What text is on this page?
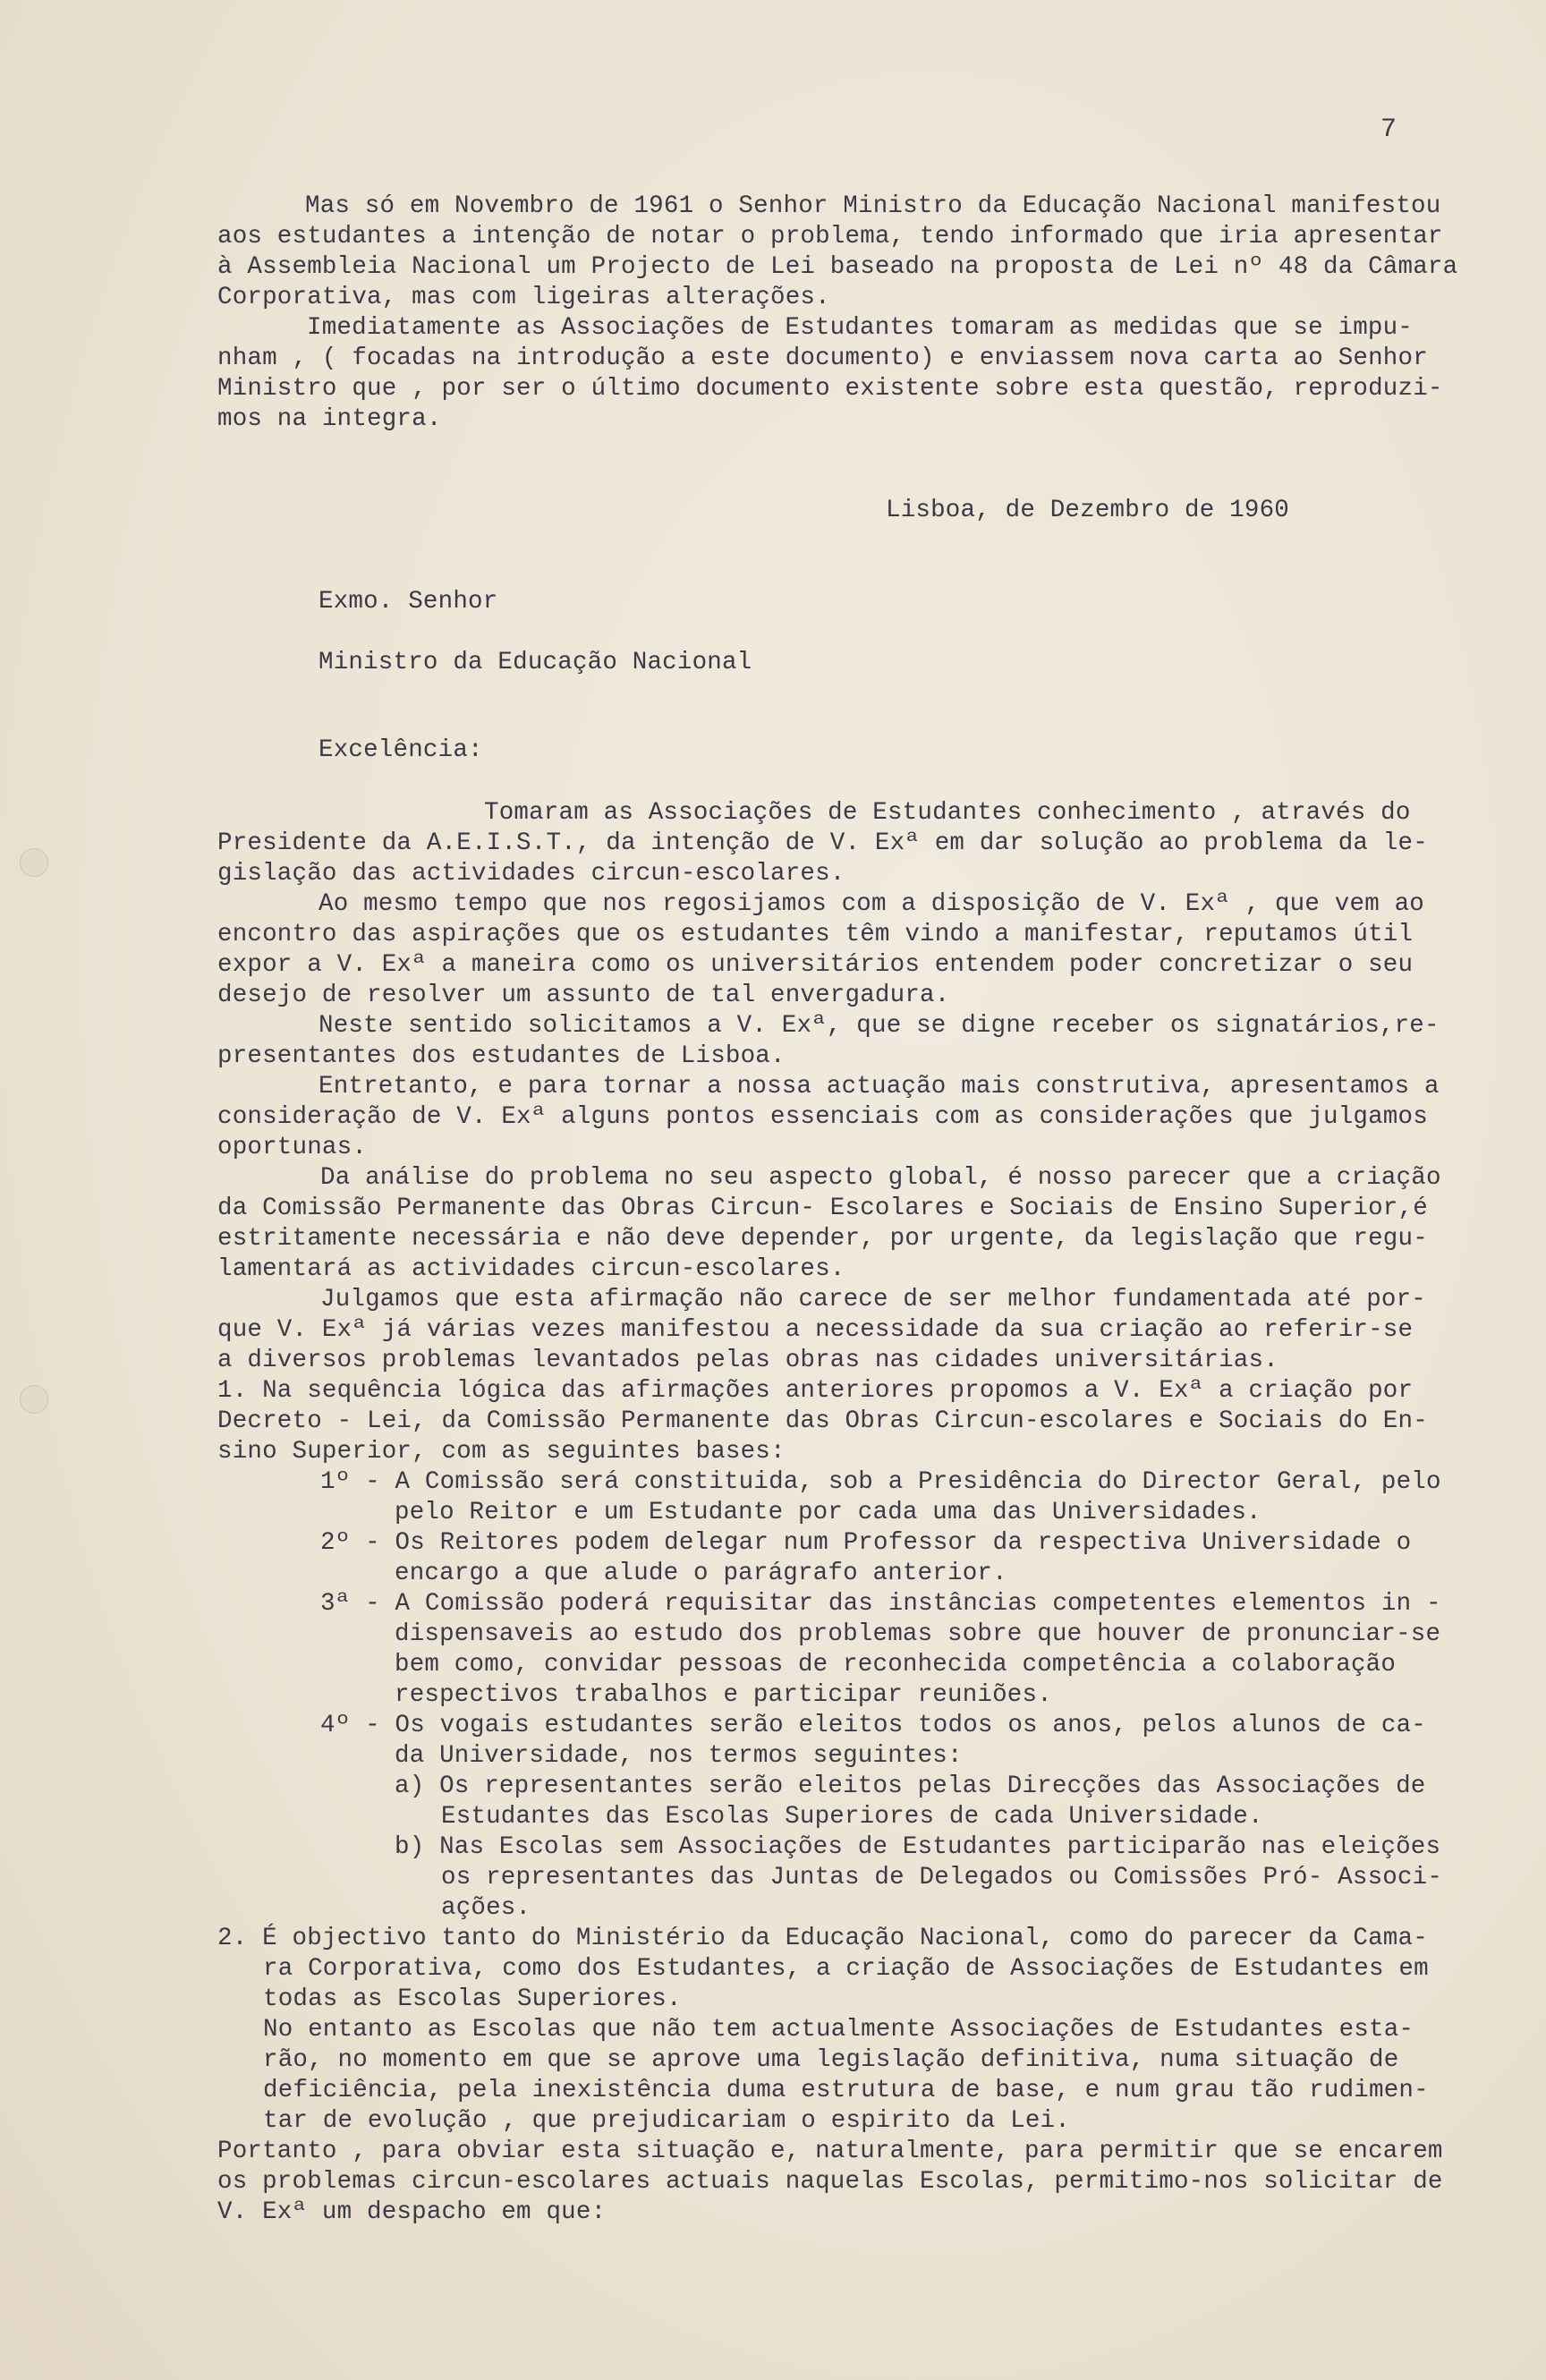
7
Mas só em Novembro de 1961 o Senhor Ministro da Educação Nacional manifestou
aos estudantes a intenção de notar o problema, tendo informado que iria apresentar
à Assembleia Nacional um Projecto de Lei baseado na proposta de Lei nº 48 da Câmara
Corporativa, mas com ligeiras alterações.
Imediatamente as Associações de Estudantes tomaram as medidas que se impu-
nham , ( focadas na introdução a este documento) e enviassem nova carta ao Senhor
Ministro que , por ser o último documento existente sobre esta questão, reproduzi-
mos na integra.
Lisboa, de Dezembro de 1960
Exmo. Senhor
Ministro da Educação Nacional
Excelência:
Tomaram as Associações de Estudantes conhecimento , através do
Presidente da A.E.I.S.T., da intenção de V. Exª em dar solução ao problema da le-
gislação das actividades circun-escolares.
Ao mesmo tempo que nos regosijamos com a disposição de V. Exª , que vem ao
encontro das aspirações que os estudantes têm vindo a manifestar, reputamos útil
expor a V. Exª a maneira como os universitários entendem poder concretizar o seu
desejo de resolver um assunto de tal envergadura.
Neste sentido solicitamos a V. Exª, que se digne receber os signatários,re-
presentantes dos estudantes de Lisboa.
Entretanto, e para tornar a nossa actuação mais construtiva, apresentamos a
consideração de V. Exª alguns pontos essenciais com as considerações que julgamos
oportunas.
Da análise do problema no seu aspecto global, é nosso parecer que a criação
da Comissão Permanente das Obras Circun- Escolares e Sociais de Ensino Superior,é
estritamente necessária e não deve depender, por urgente, da legislação que regu-
lamentará as actividades circun-escolares.
Julgamos que esta afirmação não carece de ser melhor fundamentada até por-
que V. Exª já várias vezes manifestou a necessidade da sua criação ao referir-se
a diversos problemas levantados pelas obras nas cidades universitárias.
1. Na sequência lógica das afirmações anteriores propomos a V. Exª a criação por
Decreto - Lei, da Comissão Permanente das Obras Circun-escolares e Sociais do En-
sino Superior, com as seguintes bases:
1º - A Comissão será constituida, sob a Presidência do Director Geral, pelo
pelo Reitor e um Estudante por cada uma das Universidades.
2º - Os Reitores podem delegar num Professor da respectiva Universidade o
encargo a que alude o parágrafo anterior.
3ª - A Comissão poderá requisitar das instâncias competentes elementos in -
dispensaveis ao estudo dos problemas sobre que houver de pronunciar-se
bem como, convidar pessoas de reconhecida competência a colaboração
respectivos trabalhos e participar reuniões.
4º - Os vogais estudantes serão eleitos todos os anos, pelos alunos de ca-
da Universidade, nos termos seguintes:
a) Os representantes serão eleitos pelas Direcções das Associações de
Estudantes das Escolas Superiores de cada Universidade.
b) Nas Escolas sem Associações de Estudantes participarão nas eleições
os representantes das Juntas de Delegados ou Comissões Pró- Associ-
ações.
2. É objectivo tanto do Ministério da Educação Nacional, como do parecer da Cama-
ra Corporativa, como dos Estudantes, a criação de Associações de Estudantes em
todas as Escolas Superiores.
No entanto as Escolas que não tem actualmente Associações de Estudantes esta-
rão, no momento em que se aprove uma legislação definitiva, numa situação de
deficiência, pela inexistência duma estrutura de base, e num grau tão rudimen-
tar de evolução , que prejudicariam o espirito da Lei.
Portanto , para obviar esta situação e, naturalmente, para permitir que se encarem
os problemas circun-escolares actuais naquelas Escolas, permitimo-nos solicitar de
V. Exª um despacho em que:
